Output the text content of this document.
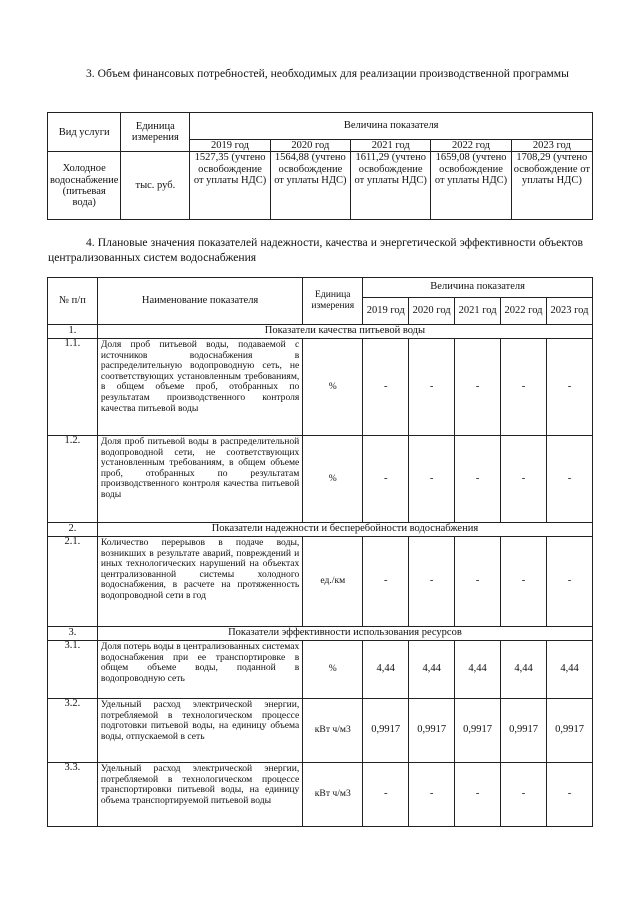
3. Объем финансовых потребностей, необходимых для реализации производственной программы

Вид услуги	Единица измерения	Величина показателя				
		2019 год	2020 год	2021 год	2022 год	2023 год
Холодное водоснабжение (питьевая вода)	тыс. руб.	1527,35 (учтено освобождение от уплаты НДС)	1564,88 (учтено освобождение от уплаты НДС)	1611,29 (учтено освобождение от уплаты НДС)	1659,08 (учтено освобождение от уплаты НДС)	1708,29 (учтено освобождение от уплаты НДС)

4. Плановые значения показателей надежности, качества и энергетической эффективности объектов централизованных систем водоснабжения

№ п/п	Наименование показателя	Единица измерения	Величина показателя				
			2019 год	2020 год	2021 год	2022 год	2023 год
1.	Показатели качества питьевой воды						
1.1.	Доля проб питьевой воды, подаваемой с источников водоснабжения в распределительную водопроводную сеть, не соответствующих установленным требованиям, в общем объеме проб, отобранных по результатам производственного контроля качества питьевой воды	%	-	-	-	-	-
1.2.	Доля проб питьевой воды в распределительной водопроводной сети, не соответствующих установленным требованиям, в общем объеме проб, отобранных по результатам производственного контроля качества питьевой воды	%	-	-	-	-	-
2.	Показатели надежности и бесперебойности водоснабжения						
2.1.	Количество перерывов в подаче воды, возникших в результате аварий, повреждений и иных технологических нарушений на объектах централизованной системы холодного водоснабжения, в расчете на протяженность водопроводной сети в год	ед./км	-	-	-	-	-
3.	Показатели эффективности использования ресурсов						
3.1.	Доля потерь воды в централизованных системах водоснабжения при ее транспортировке в общем объеме воды, поданной в водопроводную сеть	%	4,44	4,44	4,44	4,44	4,44
3.2.	Удельный расход электрической энергии, потребляемой в технологическом процессе подготовки питьевой воды, на единицу объема воды, отпускаемой в сеть	кВт ч/м3	0,9917	0,9917	0,9917	0,9917	0,9917
3.3.	Удельный расход электрической энергии, потребляемой в технологическом процессе транспортировки питьевой воды, на единицу объема транспортируемой питьевой воды	кВт ч/м3	-	-	-	-	-
